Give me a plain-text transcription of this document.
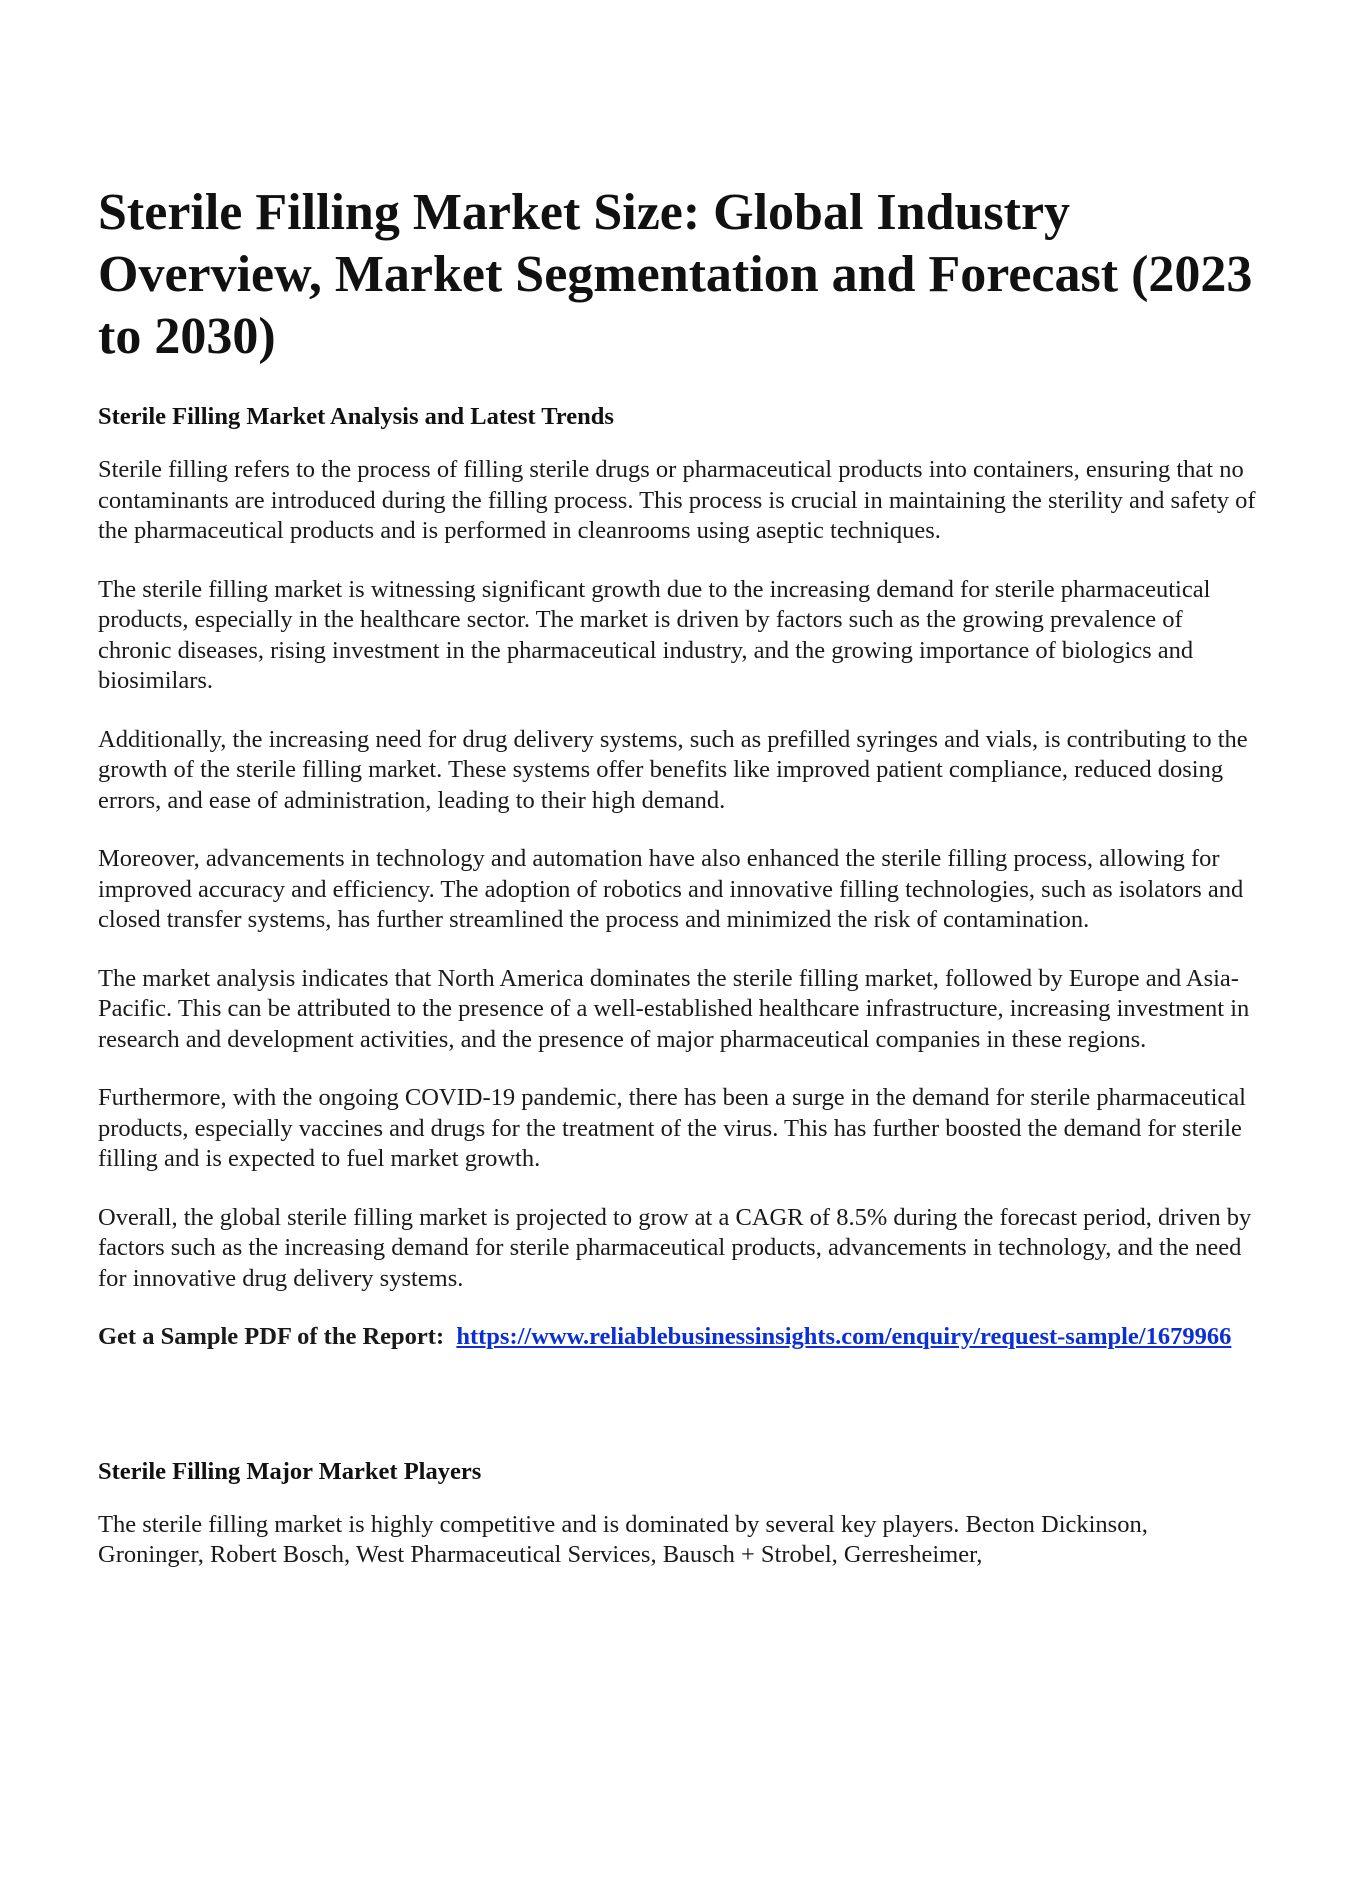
Sterile Filling Market Size: Global Industry Overview, Market Segmentation and Forecast (2023 to 2030)
Sterile Filling Market Analysis and Latest Trends

Sterile filling refers to the process of filling sterile drugs or pharmaceutical products into containers, ensuring that no contaminants are introduced during the filling process. This process is crucial in maintaining the sterility and safety of the pharmaceutical products and is performed in cleanrooms using aseptic techniques.

The sterile filling market is witnessing significant growth due to the increasing demand for sterile pharmaceutical products, especially in the healthcare sector. The market is driven by factors such as the growing prevalence of chronic diseases, rising investment in the pharmaceutical industry, and the growing importance of biologics and biosimilars.

Additionally, the increasing need for drug delivery systems, such as prefilled syringes and vials, is contributing to the growth of the sterile filling market. These systems offer benefits like improved patient compliance, reduced dosing errors, and ease of administration, leading to their high demand.

Moreover, advancements in technology and automation have also enhanced the sterile filling process, allowing for improved accuracy and efficiency. The adoption of robotics and innovative filling technologies, such as isolators and closed transfer systems, has further streamlined the process and minimized the risk of contamination.

The market analysis indicates that North America dominates the sterile filling market, followed by Europe and Asia-Pacific. This can be attributed to the presence of a well-established healthcare infrastructure, increasing investment in research and development activities, and the presence of major pharmaceutical companies in these regions.

Furthermore, with the ongoing COVID-19 pandemic, there has been a surge in the demand for sterile pharmaceutical products, especially vaccines and drugs for the treatment of the virus. This has further boosted the demand for sterile filling and is expected to fuel market growth.

Overall, the global sterile filling market is projected to grow at a CAGR of 8.5% during the forecast period, driven by factors such as the increasing demand for sterile pharmaceutical products, advancements in technology, and the need for innovative drug delivery systems.

Get a Sample PDF of the Report: https://www.reliablebusinessinsights.com/enquiry/request-sample/1679966

Sterile Filling Major Market Players

The sterile filling market is highly competitive and is dominated by several key players. Becton Dickinson, Groninger, Robert Bosch, West Pharmaceutical Services, Bausch + Strobel, Gerresheimer,
